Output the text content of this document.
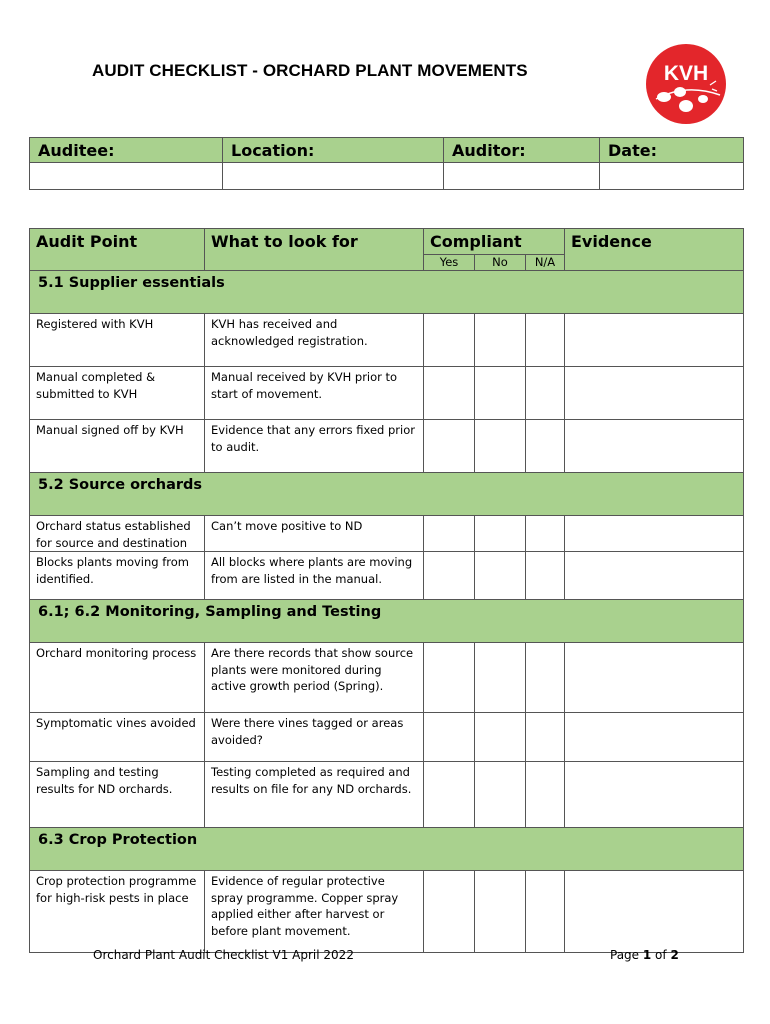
AUDIT CHECKLIST - ORCHARD PLANT MOVEMENTS	KVH
Auditee:	Location:	Auditor:	Date:

Audit Point	What to look for	Compliant			Evidence
		Yes	No	N/A	
5.1 Supplier essentials					
Registered with KVH	KVH has received and acknowledged registration.				
Manual completed & submitted to KVH	Manual received by KVH prior to start of movement.				
Manual signed off by KVH	Evidence that any errors fixed prior to audit.				
5.2 Source orchards					
Orchard status established for source and destination	Can’t move positive to ND				
Blocks plants moving from identified.	All blocks where plants are moving from are listed in the manual.				
6.1; 6.2 Monitoring, Sampling and Testing					
Orchard monitoring process	Are there records that show source plants were monitored during active growth period (Spring).				
Symptomatic vines avoided	Were there vines tagged or areas avoided?				
Sampling and testing results for ND orchards.	Testing completed as required and results on file for any ND orchards.				
6.3 Crop Protection					
Crop protection programme for high-risk pests in place	Evidence of regular protective spray programme. Copper spray applied either after harvest or before plant movement.				
Orchard Plant Audit Checklist V1 April 2022	Page 1 of 2
